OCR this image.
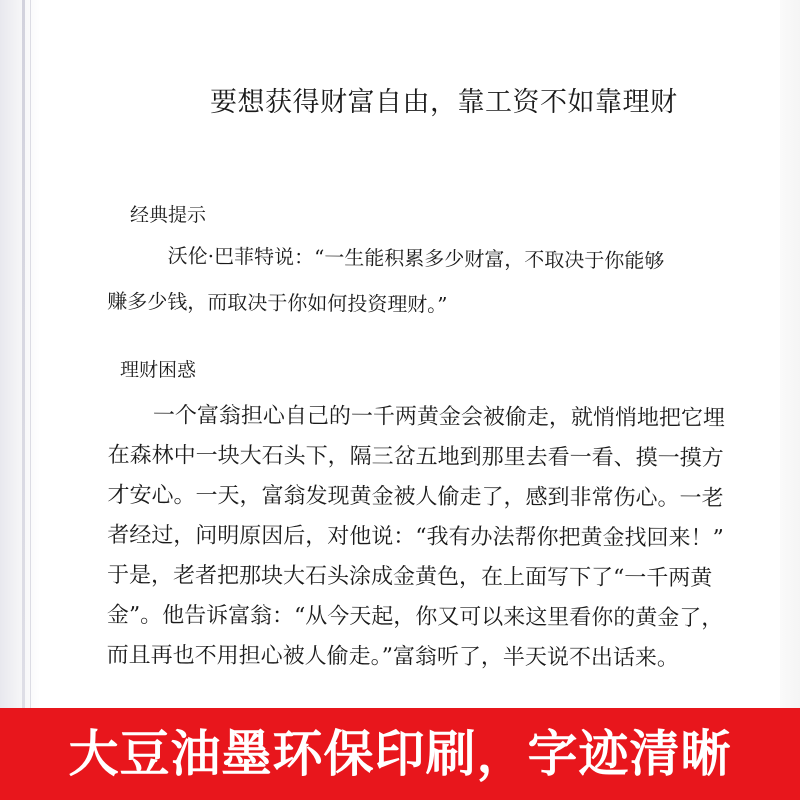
要想获得财富自由，靠工资不如靠理财
经典提示
沃伦·巴菲特说：“一生能积累多少财富，不取决于你能够
赚多少钱，而取决于你如何投资理财。”
理财困惑
一个富翁担心自己的一千两黄金会被偷走，就悄悄地把它埋
在森林中一块大石头下，隔三岔五地到那里去看一看、摸一摸方
才安心。一天，富翁发现黄金被人偷走了，感到非常伤心。一老
者经过，问明原因后，对他说：“我有办法帮你把黄金找回来！”
于是，老者把那块大石头涂成金黄色，在上面写下了“一千两黄
金”。他告诉富翁：“从今天起，你又可以来这里看你的黄金了，
而且再也不用担心被人偷走。”富翁听了，半天说不出话来。
大豆油墨环保印刷，字迹清晰
